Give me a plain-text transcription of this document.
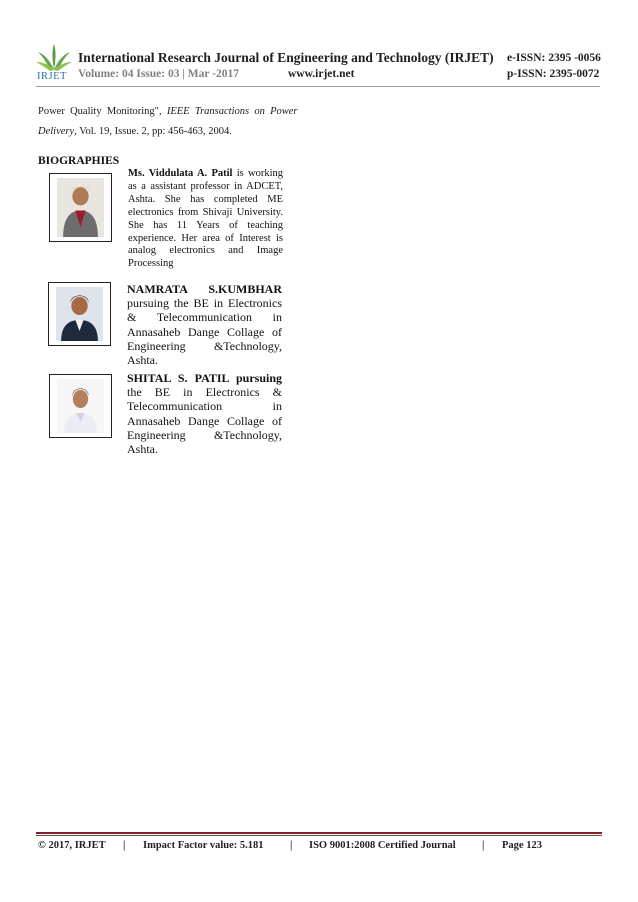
IRJET
International Research Journal of Engineering and Technology (IRJET) e-ISSN: 2395 -0056
Volume: 04 Issue: 03 | Mar -2017	www.irjet.net	p-ISSN: 2395-0072
Power  Quality  Monitoring",  IEEE  Transactions  on  Power
Delivery, Vol. 19, Issue. 2, pp: 456-463, 2004.
BIOGRAPHIES
Ms. Viddulata A. Patil is working as a assistant professor in ADCET, Ashta. She has completed ME electronics from Shivaji University. She has 11 Years of teaching experience. Her area of Interest is analog electronics and Image Processing
NAMRATA S.KUMBHAR pursuing the BE in Electronics & Telecommunication in Annasaheb Dange Collage of Engineering &Technology, Ashta.
SHITAL S. PATIL pursuing the BE in Electronics & Telecommunication in Annasaheb Dange Collage of Engineering &Technology, Ashta.
© 2017, IRJET | Impact Factor value: 5.181	| ISO 9001:2008 Certified Journal	| Page 123
